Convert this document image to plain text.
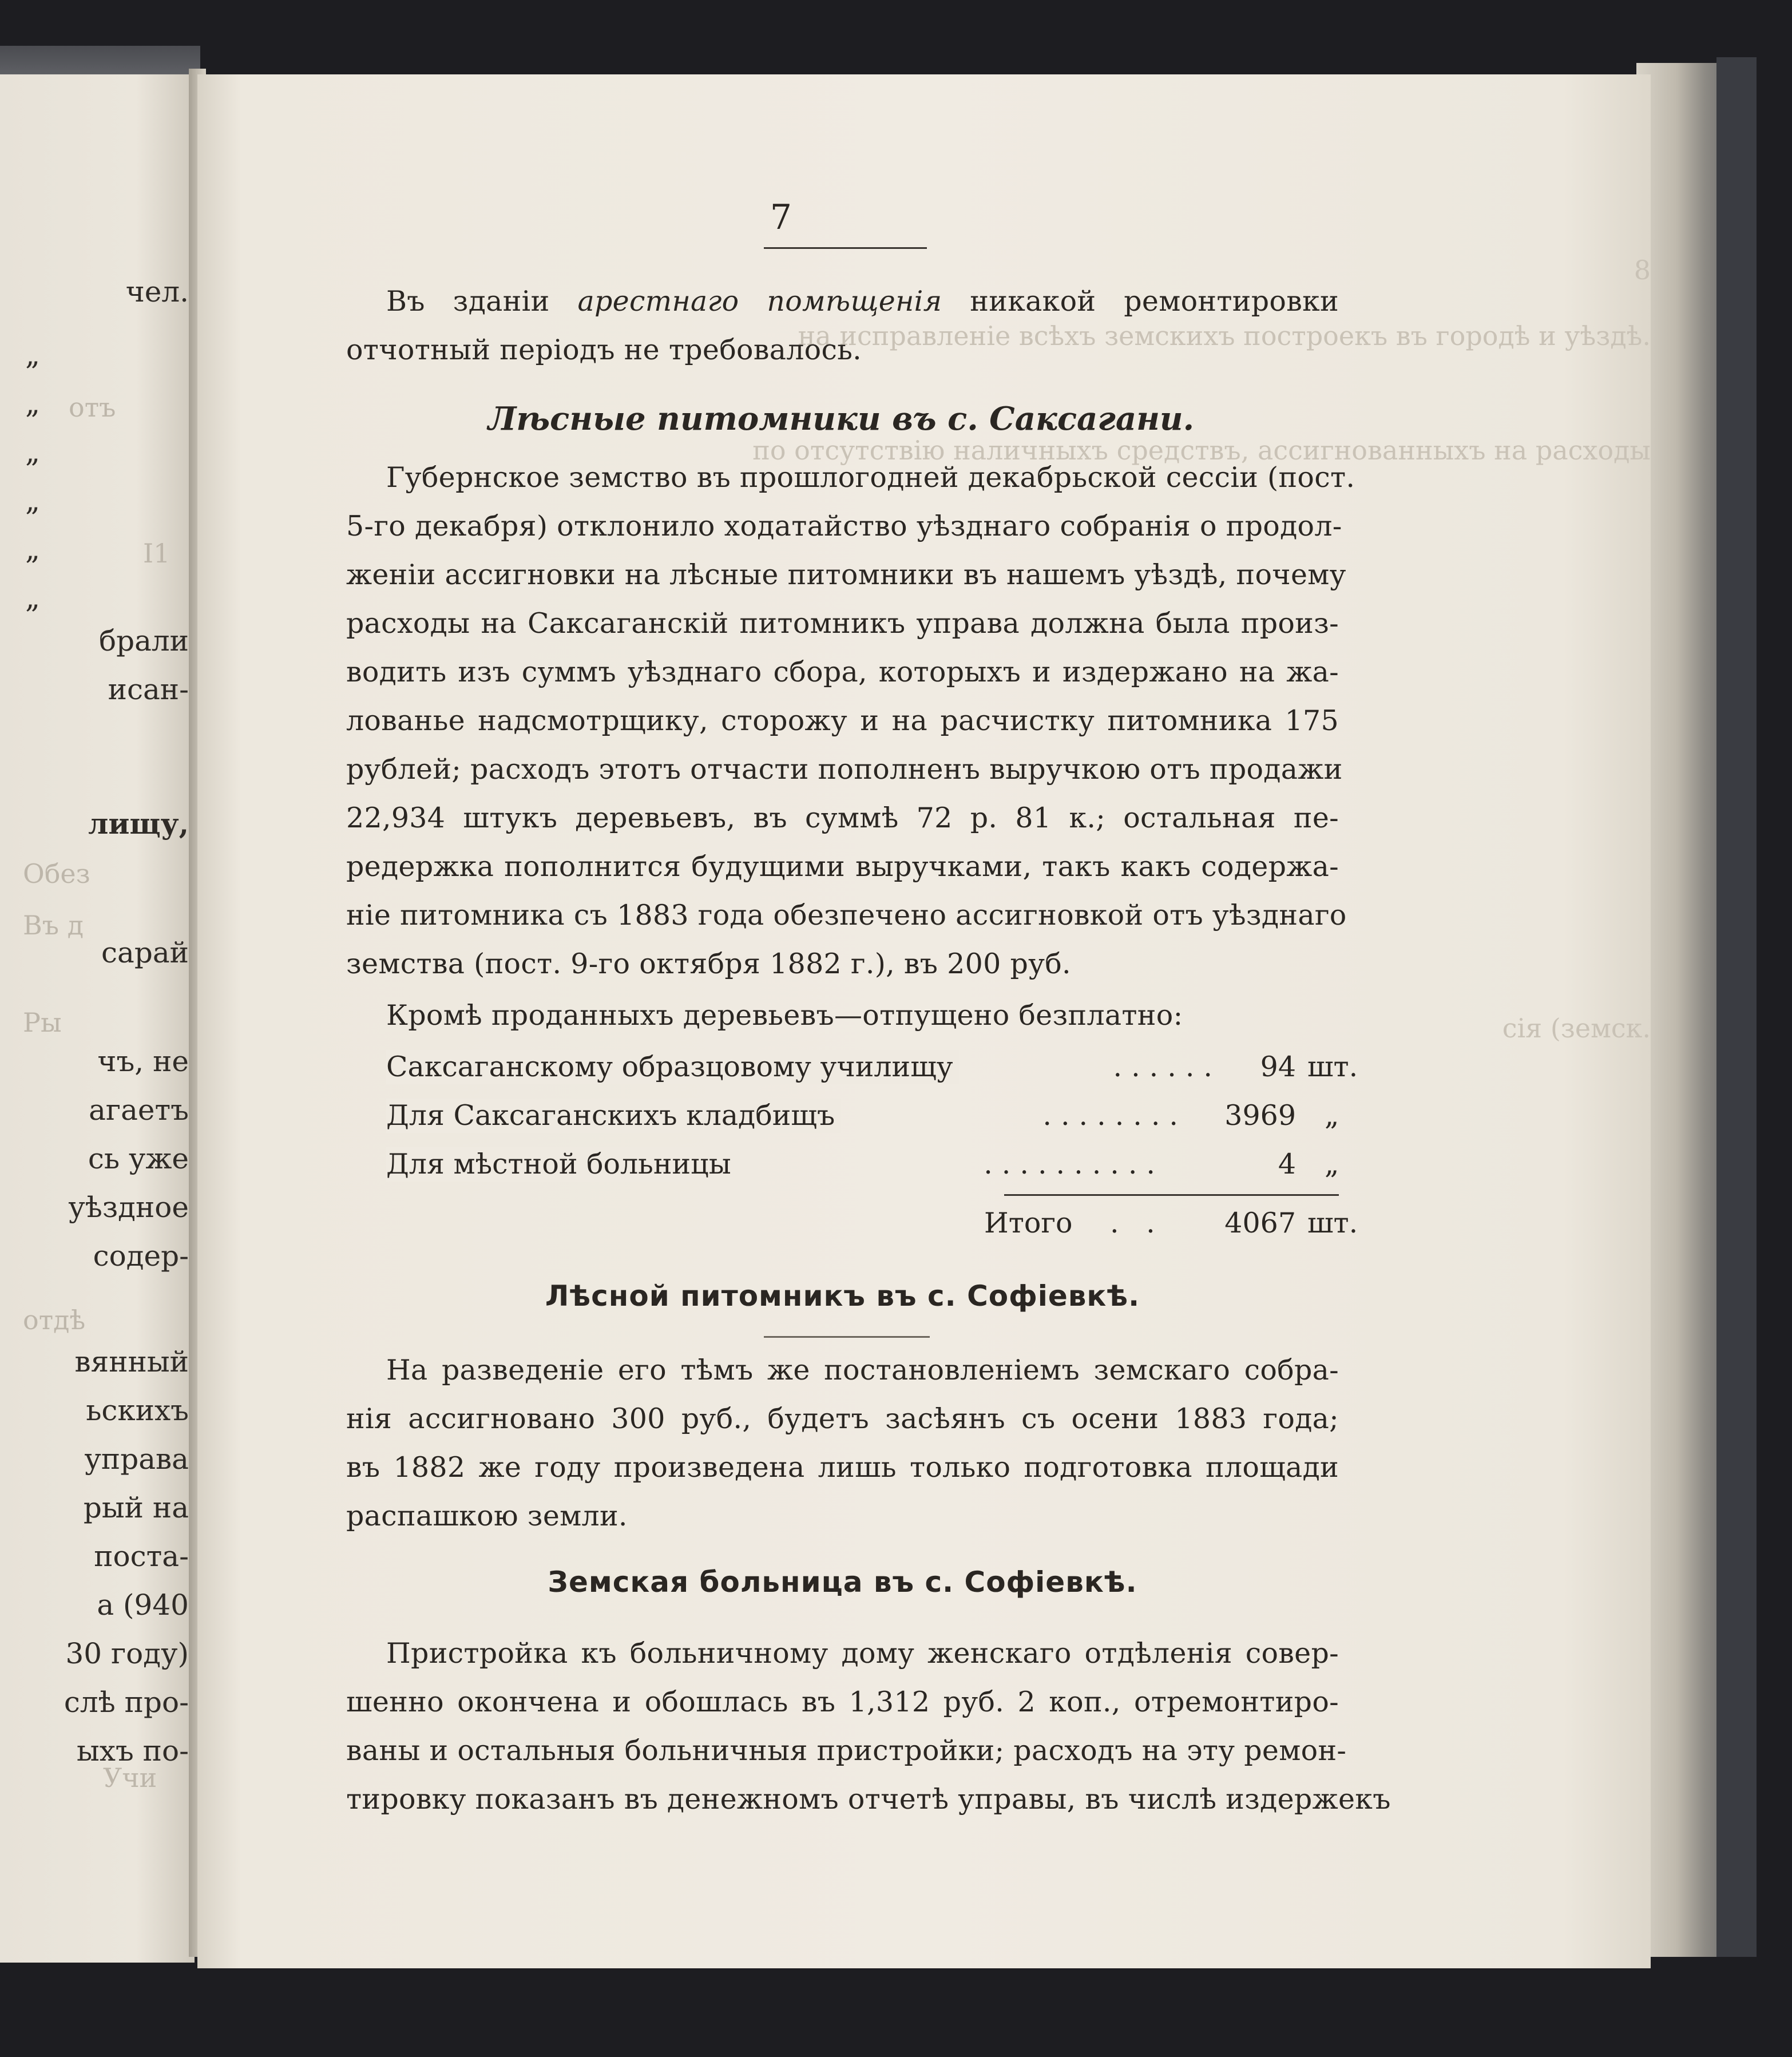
отъ
І1
Обез
Въ д
Ры
отдѣ
Учи
8
на исправленіе всѣхъ земскихъ построекъ въ городѣ и уѣздѣ.
по отсутствію наличныхъ средствъ, ассигнованныхъ на расходы
сія (земск.
чел.
„
„
„
„
„
„
брали
исан-
лищу,
сарай
чъ, не
агаетъ
сь уже
уѣздное
содер-
вянный
ьскихъ
управа
рый на
поста-
а (940
30 году)
слѣ про-
ыхъ по-
7
Въ зданіи арестнаго помѣщенія никакой ремонтировки
отчотный періодъ не требовалось.
Лѣсные питомники въ с. Саксагани.
Губернское земство въ прошлогодней декабрьской сессіи (пост.
5-го декабря) отклонило ходатайство уѣзднаго собранія о продол-
женіи ассигновки на лѣсные питомники въ нашемъ уѣздѣ, почему
расходы на Саксаганскій питомникъ управа должна была произ-
водить изъ суммъ уѣзднаго сбора, которыхъ и издержано на жа-
лованье надсмотрщику, сторожу и на расчистку питомника 175
рублей; расходъ этотъ отчасти пополненъ выручкою отъ продажи
22,934 штукъ деревьевъ, въ суммѣ 72 р. 81 к.; остальная пе-
редержка пополнится будущими выручками, такъ какъ содержа-
ніе питомника съ 1883 года обезпечено ассигновкой отъ уѣзднаго
земства (пост. 9-го октября 1882 г.), въ 200 руб.
Кромѣ проданныхъ деревьевъ—отпущено безплатно:
......
Саксаганскому образцовому училищу	94 шт.
........
Для Саксаганскихъ кладбищъ	3969 „
..........
Для мѣстной больницы	4 „
Итого . .	4067 шт.
Лѣсной питомникъ въ с. Софіевкѣ.
На разведеніе его тѣмъ же постановленіемъ земскаго собра-
нія ассигновано 300 руб., будетъ засѣянъ съ осени 1883 года;
въ 1882 же году произведена лишь только подготовка площади
распашкою земли.
Земская больница въ с. Софіевкѣ.
Пристройка къ больничному дому женскаго отдѣленія совер-
шенно окончена и обошлась въ 1,312 руб. 2 коп., отремонтиро-
ваны и остальныя больничныя пристройки; расходъ на эту ремон-
тировку показанъ въ денежномъ отчетѣ управы, въ числѣ издержекъ
